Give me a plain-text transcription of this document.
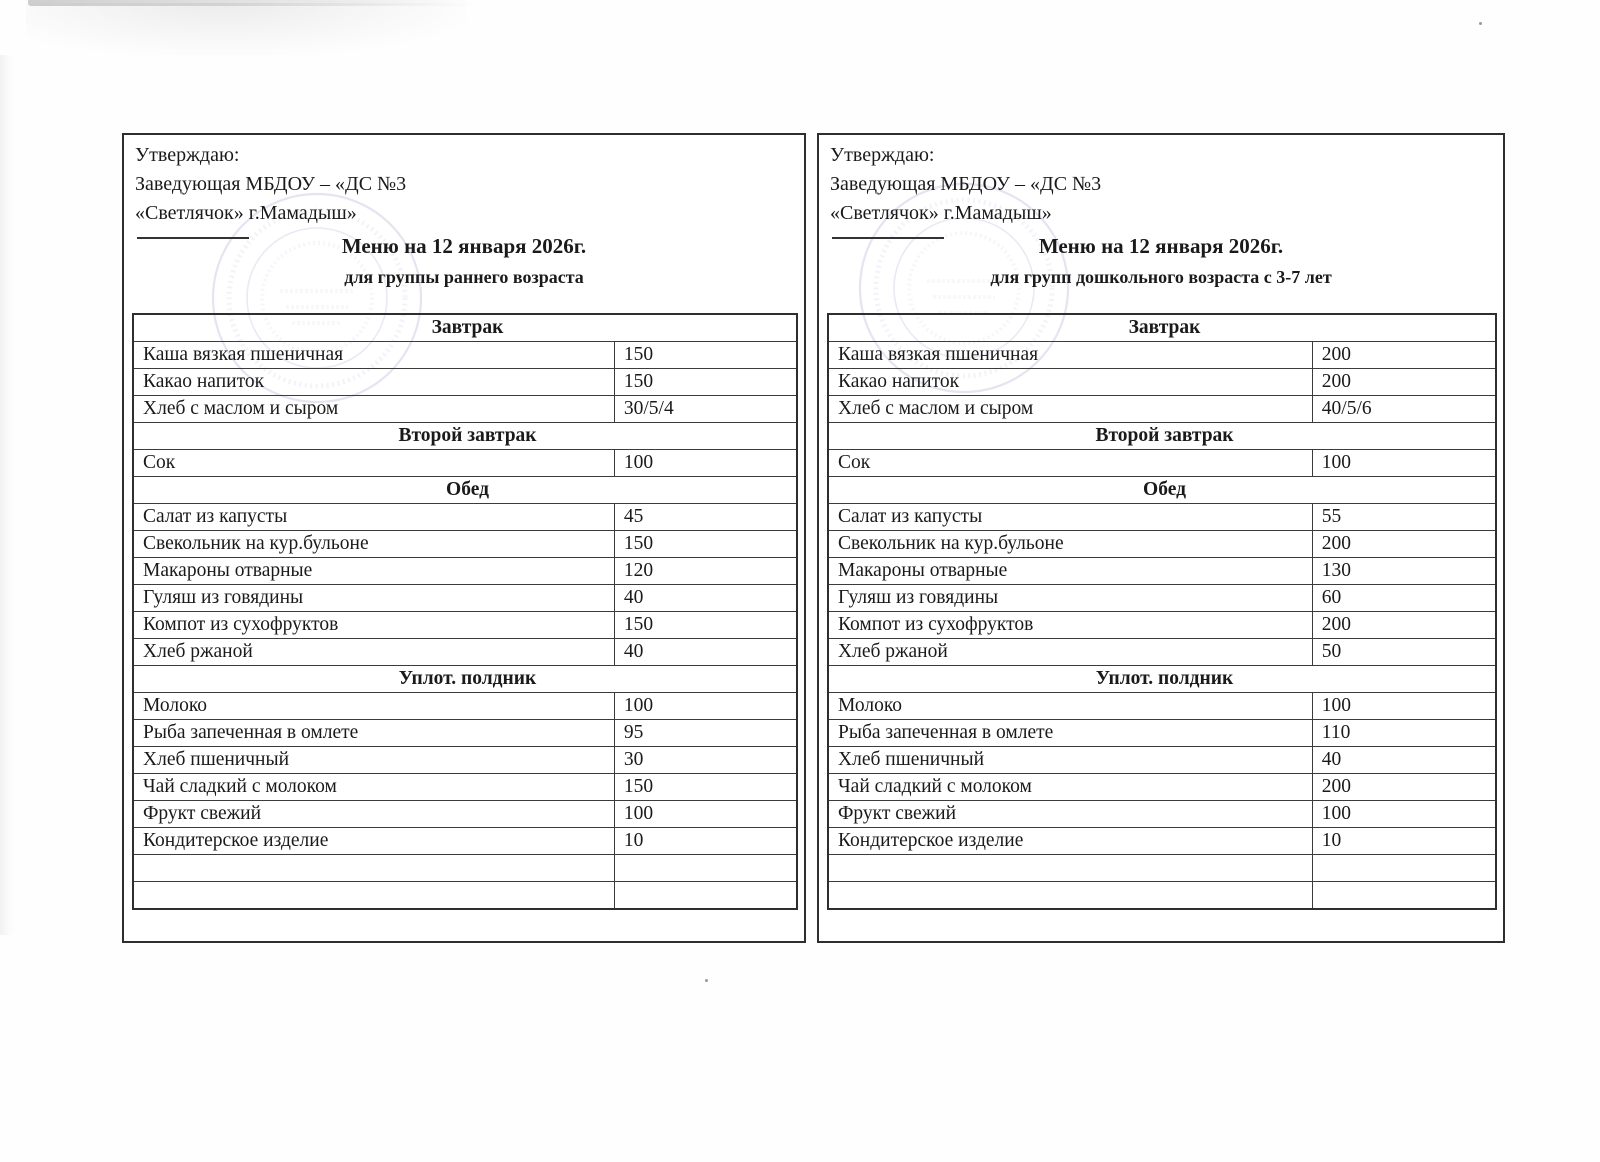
Утверждаю:
Заведующая МБДОУ – «ДС №3
«Светлячок» г.Мамадыш»
Меню на 12 января 2026г.
для группы раннего возраста
Завтрак	
Каша вязкая пшеничная	150
Какао напиток	150
Хлеб с маслом и сыром	30/5/4
Второй завтрак	
Сок	100
Обед	
Салат из капусты	45
Свекольник на кур.бульоне	150
Макароны отварные	120
Гуляш из говядины	40
Компот из сухофруктов	150
Хлеб ржаной	40
Уплот. полдник	
Молоко	100
Рыба запеченная в омлете	95
Хлеб пшеничный	30
Чай сладкий с молоком	150
Фрукт свежий	100
Кондитерское изделие	10

Утверждаю:
Заведующая МБДОУ – «ДС №3
«Светлячок» г.Мамадыш»
Меню на 12 января 2026г.
для групп дошкольного возраста с 3-7 лет
Завтрак	
Каша вязкая пшеничная	200
Какао напиток	200
Хлеб с маслом и сыром	40/5/6
Второй завтрак	
Сок	100
Обед	
Салат из капусты	55
Свекольник на кур.бульоне	200
Макароны отварные	130
Гуляш из говядины	60
Компот из сухофруктов	200
Хлеб ржаной	50
Уплот. полдник	
Молоко	100
Рыба запеченная в омлете	110
Хлеб пшеничный	40
Чай сладкий с молоком	200
Фрукт свежий	100
Кондитерское изделие	10
